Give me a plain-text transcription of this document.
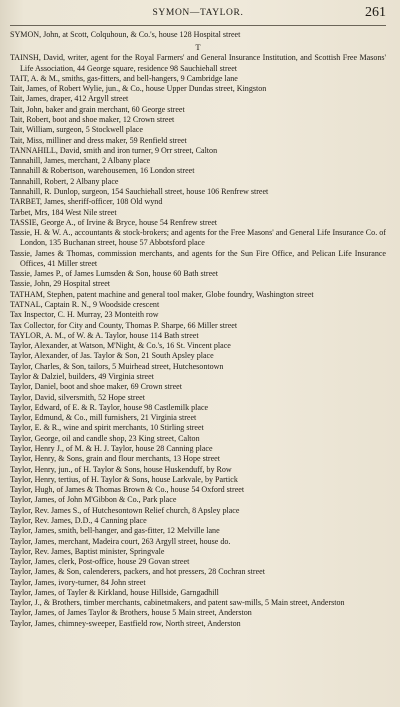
SYMON—TAYLOR.	261

SYMON, John, at Scott, Colquhoun, & Co.'s, house 128 Hospital street

T

TAINSH, David, writer, agent for the Royal Farmers' and General Insurance Institution, and Scottish Free Masons' Life Association, 44 George square, residence 98 Sauchiehall street

TAIT, A. & M., smiths, gas-fitters, and bell-hangers, 9 Cambridge lane

Tait, James, of Robert Wylie, jun., & Co., house Upper Dundas street, Kingston

Tait, James, draper, 412 Argyll street

Tait, John, baker and grain merchant, 60 George street

Tait, Robert, boot and shoe maker, 12 Crown street

Tait, William, surgeon, 5 Stockwell place

Tait, Miss, milliner and dress maker, 59 Renfield street

TANNAHILL, David, smith and iron turner, 9 Orr street, Calton

Tannahill, James, merchant, 2 Albany place

Tannahill & Robertson, warehousemen, 16 London street

Tannahill, Robert, 2 Albany place

Tannahill, R. Dunlop, surgeon, 154 Sauchiehall street, house 106 Renfrew street

TARBET, James, sheriff-officer, 108 Old wynd

Tarbet, Mrs, 184 West Nile street

TASSIE, George A., of Irvine & Bryce, house 54 Renfrew street

Tassie, H. & W. A., accountants & stock-brokers; and agents for the Free Masons' and General Life Insurance Co. of London, 135 Buchanan street, house 57 Abbotsford place

Tassie, James & Thomas, commission merchants, and agents for the Sun Fire Office, and Pelican Life Insurance Offices, 41 Miller street

Tassie, James P., of James Lumsden & Son, house 60 Bath street

Tassie, John, 29 Hospital street

TATHAM, Stephen, patent machine and general tool maker, Globe foundry, Washington street

TATNAL, Captain R. N., 9 Woodside crescent

Tax Inspector, C. H. Murray, 23 Monteith row

Tax Collector, for City and County, Thomas P. Sharpe, 66 Miller street

TAYLOR, A. M., of W. & A. Taylor, house 114 Bath street

Taylor, Alexander, at Watson, M'Night, & Co.'s, 16 St. Vincent place

Taylor, Alexander, of Jas. Taylor & Son, 21 South Apsley place

Taylor, Charles, & Son, tailors, 5 Muirhead street, Hutchesontown

Taylor & Dalziel, builders, 49 Virginia street

Taylor, Daniel, boot and shoe maker, 69 Crown street

Taylor, David, silversmith, 52 Hope street

Taylor, Edward, of E. & R. Taylor, house 98 Castlemilk place

Taylor, Edmund, & Co., mill furnishers, 21 Virginia street

Taylor, E. & R., wine and spirit merchants, 10 Stirling street

Taylor, George, oil and candle shop, 23 King street, Calton

Taylor, Henry J., of M. & H. J. Taylor, house 28 Canning place

Taylor, Henry, & Sons, grain and flour merchants, 13 Hope street

Taylor, Henry, jun., of H. Taylor & Sons, house Huskenduff, by Row

Taylor, Henry, tertius, of H. Taylor & Sons, house Larkvale, by Partick

Taylor, Hugh, of James & Thomas Brown & Co., house 54 Oxford street

Taylor, James, of John M'Gibbon & Co., Park place

Taylor, Rev. James S., of Hutchesontown Relief church, 8 Apsley place

Taylor, Rev. James, D.D., 4 Canning place

Taylor, James, smith, bell-hanger, and gas-fitter, 12 Melville lane

Taylor, James, merchant, Madeira court, 263 Argyll street, house do.

Taylor, Rev. James, Baptist minister, Springvale

Taylor, James, clerk, Post-office, house 29 Govan street

Taylor, James, & Son, calenderers, packers, and hot pressers, 28 Cochran street

Taylor, James, ivory-turner, 84 John street

Taylor, James, of Tayler & Kirkland, house Hillside, Garngadhill

Taylor, J., & Brothers, timber merchants, cabinetmakers, and patent saw-mills, 5 Main street, Anderston

Taylor, James, of James Taylor & Brothers, house 5 Main street, Anderston

Taylor, James, chimney-sweeper, Eastfield row, North street, Anderston
